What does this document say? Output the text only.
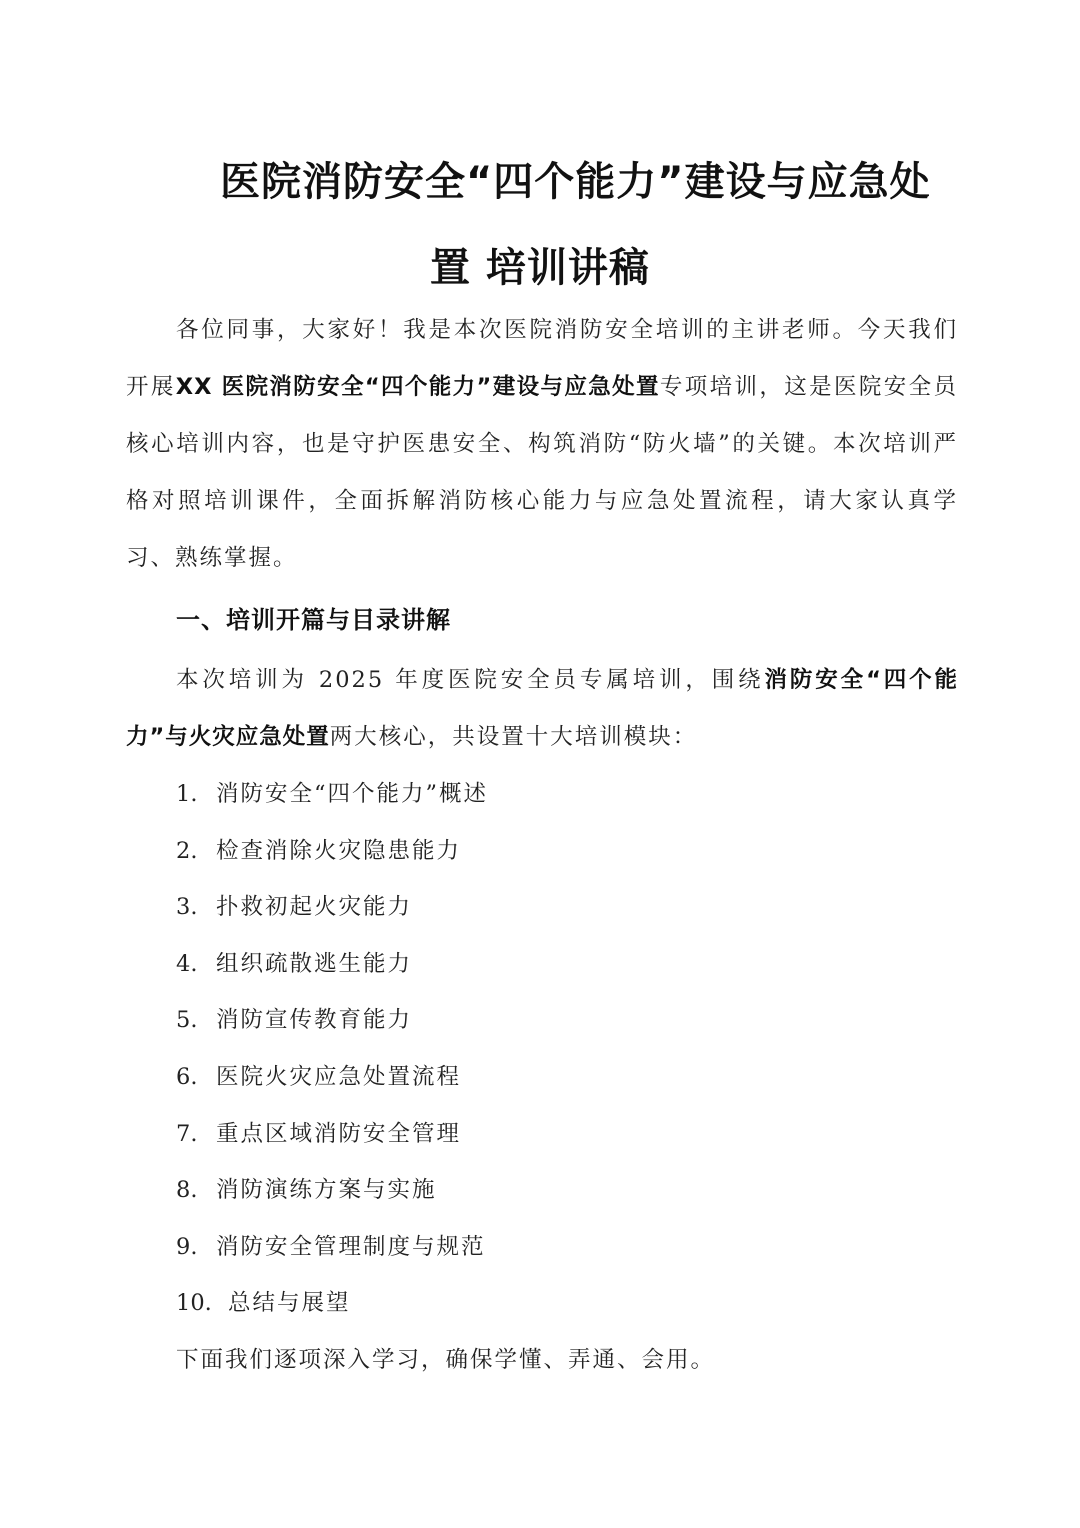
医院消防安全“四个能力”建设与应急处
置 培训讲稿

各位同事，大家好！我是本次医院消防安全培训的主讲老师。今天我们开展XX 医院消防安全“四个能力”建设与应急处置专项培训，这是医院安全员核心培训内容，也是守护医患安全、构筑消防“防火墙”的关键。本次培训严格对照培训课件，全面拆解消防核心能力与应急处置流程，请大家认真学习、熟练掌握。

一、培训开篇与目录讲解

本次培训为 2025 年度医院安全员专属培训，围绕消防安全“四个能力”与火灾应急处置两大核心，共设置十大培训模块：

1. 消防安全“四个能力”概述
2. 检查消除火灾隐患能力
3. 扑救初起火灾能力
4. 组织疏散逃生能力
5. 消防宣传教育能力
6. 医院火灾应急处置流程
7. 重点区域消防安全管理
8. 消防演练方案与实施
9. 消防安全管理制度与规范
10. 总结与展望
下面我们逐项深入学习，确保学懂、弄通、会用。
